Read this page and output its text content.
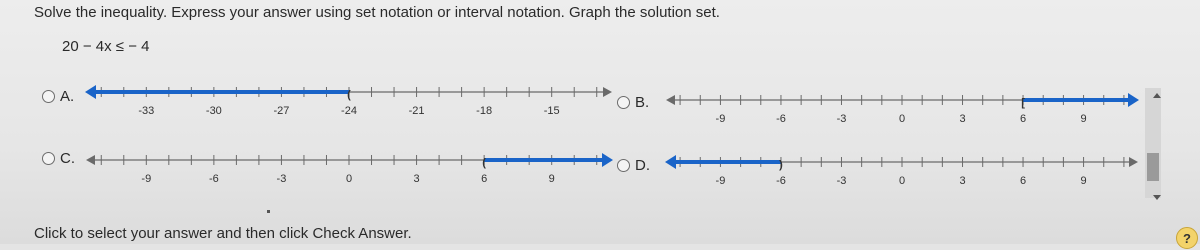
Solve the inequality. Express your answer using set notation or interval notation. Graph the solution set.
20 − 4x ≤ − 4
A.	(
-33	-30	-27	-24	-21	-18	-15	B.	[
-9	-6	-3	0	3	6	9
C.	(
-9	-6	-3	0	3	6	9
D.	)
-9	-6	-3	0	3	6	9
Click to select your answer and then click Check Answer.	?
